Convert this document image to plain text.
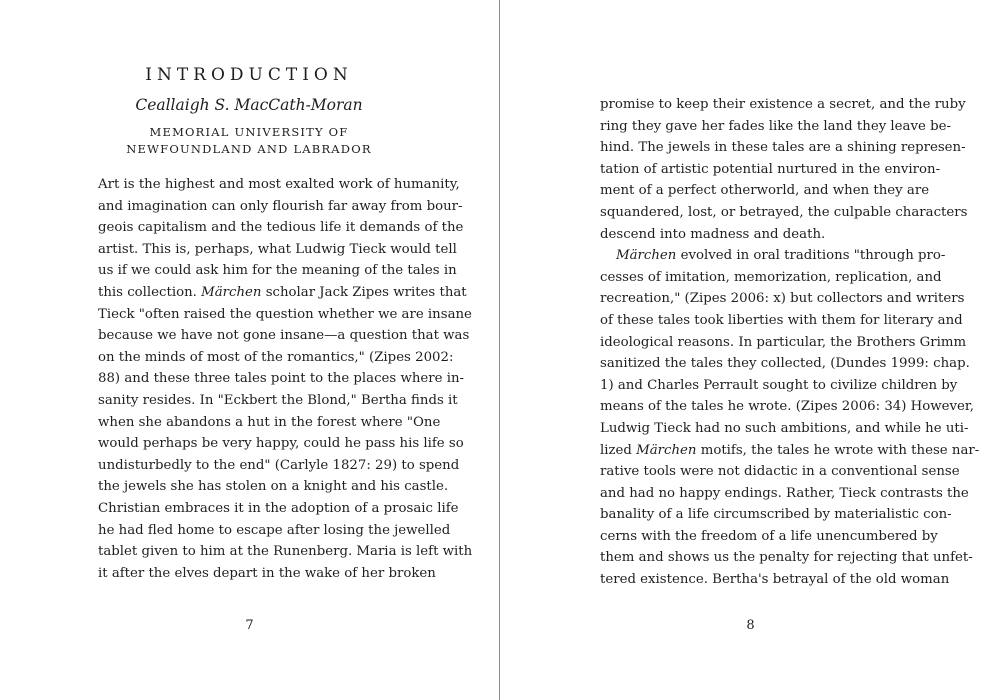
INTRODUCTION
Ceallaigh S. MacCath-Moran
MEMORIAL UNIVERSITY OF
NEWFOUNDLAND AND LABRADOR
Art is the highest and most exalted work of humanity,
and imagination can only flourish far away from bour-
geois capitalism and the tedious life it demands of the
artist. This is, perhaps, what Ludwig Tieck would tell
us if we could ask him for the meaning of the tales in
this collection. Märchen scholar Jack Zipes writes that
Tieck "often raised the question whether we are insane
because we have not gone insane—a question that was
on the minds of most of the romantics," (Zipes 2002:
88) and these three tales point to the places where in-
sanity resides. In "Eckbert the Blond," Bertha finds it
when she abandons a hut in the forest where "One
would perhaps be very happy, could he pass his life so
undisturbedly to the end" (Carlyle 1827: 29) to spend
the jewels she has stolen on a knight and his castle.
Christian embraces it in the adoption of a prosaic life
he had fled home to escape after losing the jewelled
tablet given to him at the Runenberg. Maria is left with
it after the elves depart in the wake of her broken
7
promise to keep their existence a secret, and the ruby
ring they gave her fades like the land they leave be-
hind. The jewels in these tales are a shining represen-
tation of artistic potential nurtured in the environ-
ment of a perfect otherworld, and when they are
squandered, lost, or betrayed, the culpable characters
descend into madness and death.
Märchen evolved in oral traditions "through pro-
cesses of imitation, memorization, replication, and
recreation," (Zipes 2006: x) but collectors and writers
of these tales took liberties with them for literary and
ideological reasons. In particular, the Brothers Grimm
sanitized the tales they collected, (Dundes 1999: chap.
1) and Charles Perrault sought to civilize children by
means of the tales he wrote. (Zipes 2006: 34) However,
Ludwig Tieck had no such ambitions, and while he uti-
lized Märchen motifs, the tales he wrote with these nar-
rative tools were not didactic in a conventional sense
and had no happy endings. Rather, Tieck contrasts the
banality of a life circumscribed by materialistic con-
cerns with the freedom of a life unencumbered by
them and shows us the penalty for rejecting that unfet-
tered existence. Bertha's betrayal of the old woman
8
